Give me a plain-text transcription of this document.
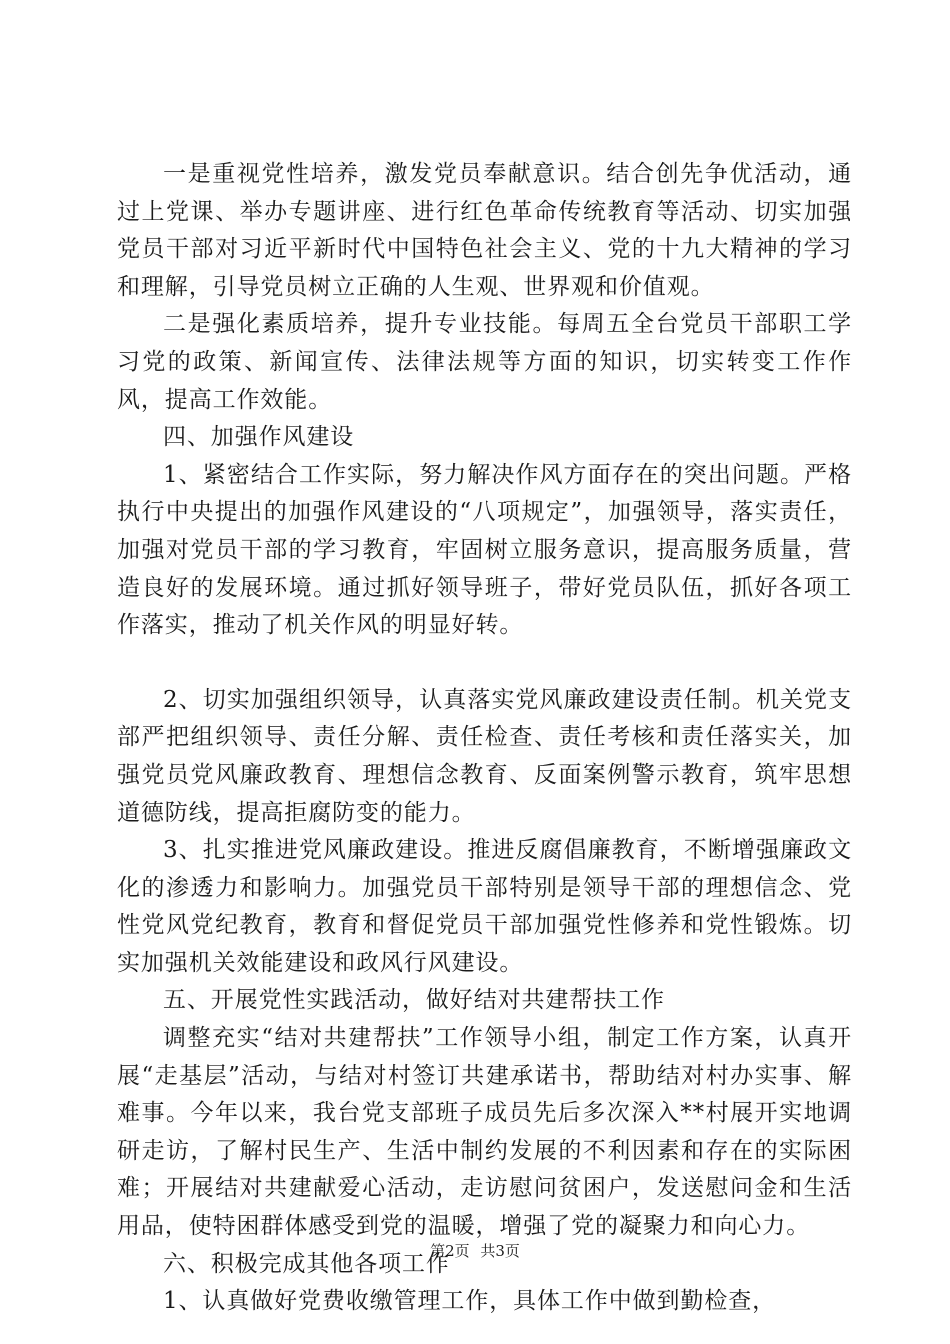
一是重视党性培养，激发党员奉献意识。结合创先争优活动，通过上党课、举办专题讲座、进行红色革命传统教育等活动、切实加强党员干部对习近平新时代中国特色社会主义、党的十九大精神的学习和理解，引导党员树立正确的人生观、世界观和价值观。

二是强化素质培养，提升专业技能。每周五全台党员干部职工学习党的政策、新闻宣传、法律法规等方面的知识，切实转变工作作风，提高工作效能。

四、加强作风建设

1、紧密结合工作实际，努力解决作风方面存在的突出问题。严格执行中央提出的加强作风建设的“八项规定”，加强领导，落实责任，加强对党员干部的学习教育，牢固树立服务意识，提高服务质量，营造良好的发展环境。通过抓好领导班子，带好党员队伍，抓好各项工作落实，推动了机关作风的明显好转。

2、切实加强组织领导，认真落实党风廉政建设责任制。机关党支部严把组织领导、责任分解、责任检查、责任考核和责任落实关，加强党员党风廉政教育、理想信念教育、反面案例警示教育，筑牢思想道德防线，提高拒腐防变的能力。

3、扎实推进党风廉政建设。推进反腐倡廉教育，不断增强廉政文化的渗透力和影响力。加强党员干部特别是领导干部的理想信念、党性党风党纪教育，教育和督促党员干部加强党性修养和党性锻炼。切实加强机关效能建设和政风行风建设。

五、开展党性实践活动，做好结对共建帮扶工作

调整充实“结对共建帮扶”工作领导小组，制定工作方案，认真开展“走基层”活动，与结对村签订共建承诺书，帮助结对村办实事、解难事。今年以来，我台党支部班子成员先后多次深入**村展开实地调研走访，了解村民生产、生活中制约发展的不利因素和存在的实际困难；开展结对共建献爱心活动，走访慰问贫困户，发送慰问金和生活用品，使特困群体感受到党的温暖，增强了党的凝聚力和向心力。

六、积极完成其他各项工作

1、认真做好党费收缴管理工作，具体工作中做到勤检查，

第2页 共3页
